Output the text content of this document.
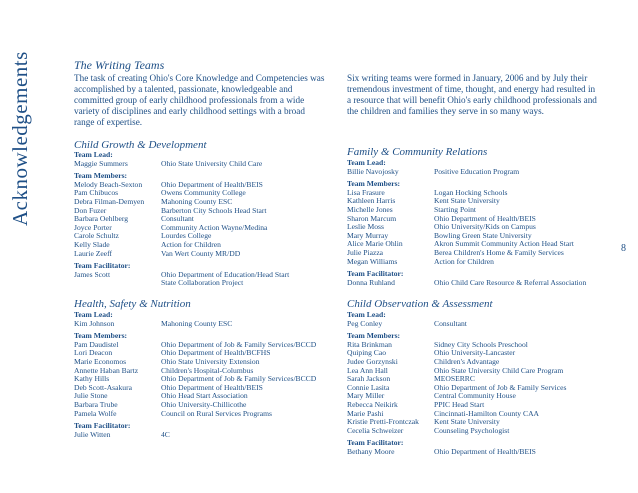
Acknowledgements
8
The Writing Teams

The task of creating Ohio's Core Knowledge and Competencies was accomplished by a talented, passionate, knowledgeable and committed group of early childhood professionals from a wide variety of disciplines and early childhood settings with a broad range of expertise.

Six writing teams were formed in January, 2006 and by July their tremendous investment of time, thought, and energy had resulted in a resource that will benefit Ohio's early childhood professionals and the children and families they serve in so many ways.

Child Growth & Development
Team Lead:
Maggie Summers	Ohio State University Child Care
Team Members:
Melody Beach-Sexton	Ohio Department of Health/BEIS
Pam Chibucos	Owens Community College
Debra Filman-Demyen	Mahoning County ESC
Don Fuzer	Barberton City Schools Head Start
Barbara Oehlberg	Consultant
Joyce Porter	Community Action Wayne/Medina
Carole Schultz	Lourdes College
Kelly Slade	Action for Children
Laurie Zeeff	Van Wert County MR/DD
Team Facilitator:
James Scott	Ohio Department of Education/Head Start
State Collaboration Project
Family & Community Relations
Team Lead:
Billie Navojosky	Positive Education Program
Team Members:
Lisa Frasure	Logan Hocking Schools
Kathleen Harris	Kent State University
Michelle Jones	Starting Point
Sharon Marcum	Ohio Department of Health/BEIS
Leslie Moss	Ohio University/Kids on Campus
Mary Murray	Bowling Green State University
Alice Marie Ohlin	Akron Summit Community Action Head Start
Julie Piazza	Berea Children's Home & Family Services
Megan Williams	Action for Children
Team Facilitator:
Donna Ruhland	Ohio Child Care Resource & Referral Association
Health, Safety & Nutrition
Team Lead:
Kim Johnson	Mahoning County ESC
Team Members:
Pam Daudistel	Ohio Department of Job & Family Services/BCCD
Lori Deacon	Ohio Department of Health/BCFHS
Marie Economos	Ohio State University Extension
Annette Haban Bartz	Children's Hospital-Columbus
Kathy Hills	Ohio Department of Job & Family Services/BCCD
Deb Scott-Asakura	Ohio Department of Health/BEIS
Julie Stone	Ohio Head Start Association
Barbara Trube	Ohio University-Chillicothe
Pamela Wolfe	Council on Rural Services Programs
Team Facilitator:
Julie Witten	4C
Child Observation & Assessment
Team Lead:
Peg Conley	Consultant
Team Members:
Rita Brinkman	Sidney City Schools Preschool
Quiping Cao	Ohio University-Lancaster
Judee Gorzynski	Children's Advantage
Lea Ann Hall	Ohio State University Child Care Program
Sarah Jackson	MEOSERRC
Connie Lasita	Ohio Department of Job & Family Services
Mary Miller	Central Community House
Rebecca Neikirk	PPIC Head Start
Marie Pashi	Cincinnati-Hamilton County CAA
Kristie Pretti-Frontczak	Kent State University
Cecelia Schweizer	Counseling Psychologist
Team Facilitator:
Bethany Moore	Ohio Department of Health/BEIS
